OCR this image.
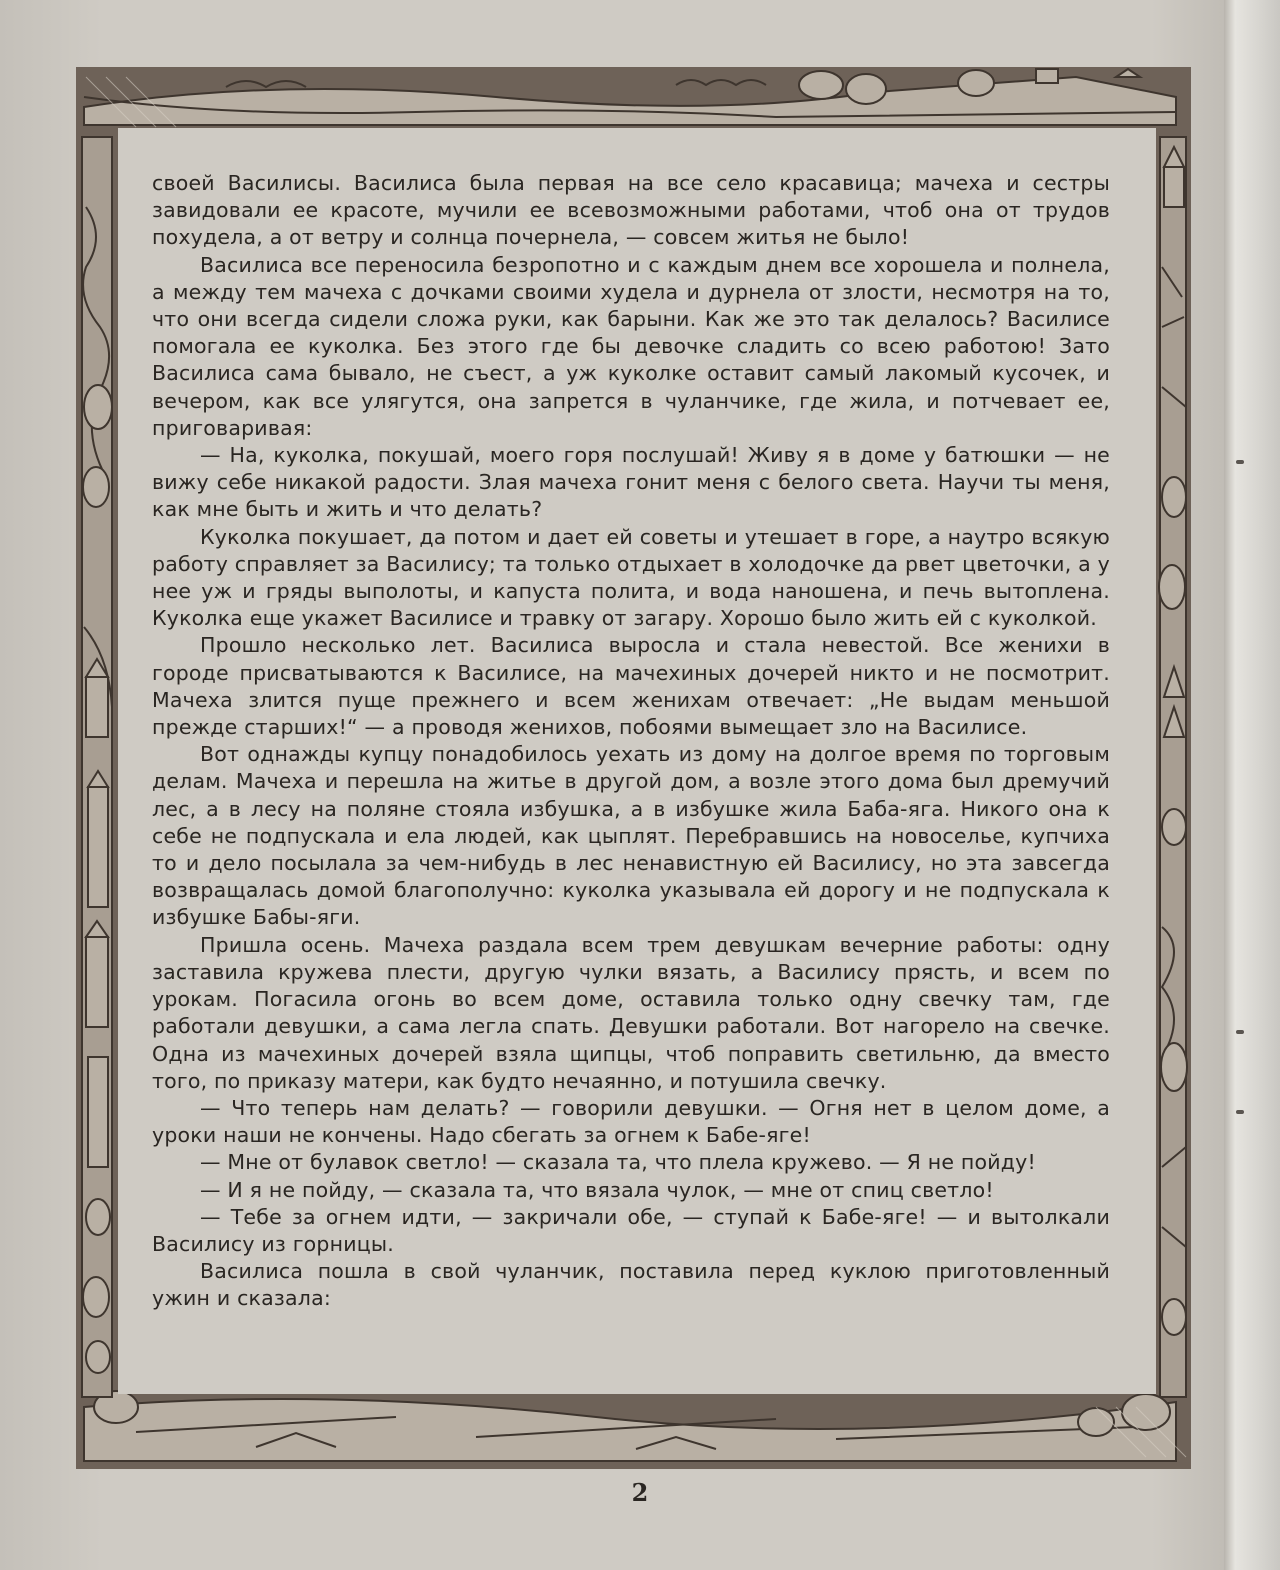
своей Василисы. Василиса была первая на все село красавица; мачеха и сестры завидовали ее красоте, мучили ее всевозможными работами, чтоб она от трудов похудела, а от ветру и солнца почернела, — совсем житья не было!

Василиса все переносила безропотно и с каждым днем все хорошела и полнела, а между тем мачеха с дочками своими худела и дурнела от злости, несмотря на то, что они всегда сидели сложа руки, как барыни. Как же это так делалось? Василисе помогала ее куколка. Без этого где бы девочке сладить со всею работою! Зато Василиса сама бывало, не съест, а уж куколке оставит самый лакомый кусочек, и вечером, как все улягутся, она запрется в чуланчике, где жила, и потчевает ее, приговаривая:

— На, куколка, покушай, моего горя послушай! Живу я в доме у батюшки — не вижу себе никакой радости. Злая мачеха гонит меня с белого света. Научи ты меня, как мне быть и жить и что делать?

Куколка покушает, да потом и дает ей советы и утешает в горе, а наутро всякую работу справляет за Василису; та только отдыхает в холодочке да рвет цветочки, а у нее уж и гряды выполоты, и капуста полита, и вода наношена, и печь вытоплена. Куколка еще укажет Василисе и травку от загару. Хорошо было жить ей с куколкой.

Прошло несколько лет. Василиса выросла и стала невестой. Все женихи в городе присватываются к Василисе, на мачехиных дочерей никто и не посмотрит. Мачеха злится пуще прежнего и всем женихам отвечает: „Не выдам меньшой прежде старших!“ — а проводя женихов, побоями вымещает зло на Василисе.

Вот однажды купцу понадобилось уехать из дому на долгое время по торговым делам. Мачеха и перешла на житье в другой дом, а возле этого дома был дремучий лес, а в лесу на поляне стояла избушка, а в избушке жила Баба-яга. Никого она к себе не подпускала и ела людей, как цыплят. Перебравшись на новоселье, купчиха то и дело посылала за чем-нибудь в лес ненавистную ей Василису, но эта завсегда возвращалась домой благополучно: куколка указывала ей дорогу и не подпускала к избушке Бабы-яги.

Пришла осень. Мачеха раздала всем трем девушкам вечерние работы: одну заставила кружева плести, другую чулки вязать, а Василису прясть, и всем по урокам. Погасила огонь во всем доме, оставила только одну свечку там, где работали девушки, а сама легла спать. Девушки работали. Вот нагорело на свечке. Одна из мачехиных дочерей взяла щипцы, чтоб поправить светильню, да вместо того, по приказу матери, как будто нечаянно, и потушила свечку.

— Что теперь нам делать? — говорили девушки. — Огня нет в целом доме, а уроки наши не кончены. Надо сбегать за огнем к Бабе-яге!

— Мне от булавок светло! — сказала та, что плела кружево. — Я не пойду!

— И я не пойду, — сказала та, что вязала чулок, — мне от спиц светло!

— Тебе за огнем идти, — закричали обе, — ступай к Бабе-яге! — и вытолкали Василису из горницы.

Василиса пошла в свой чуланчик, поставила перед куклою приготовленный ужин и сказала:

2
